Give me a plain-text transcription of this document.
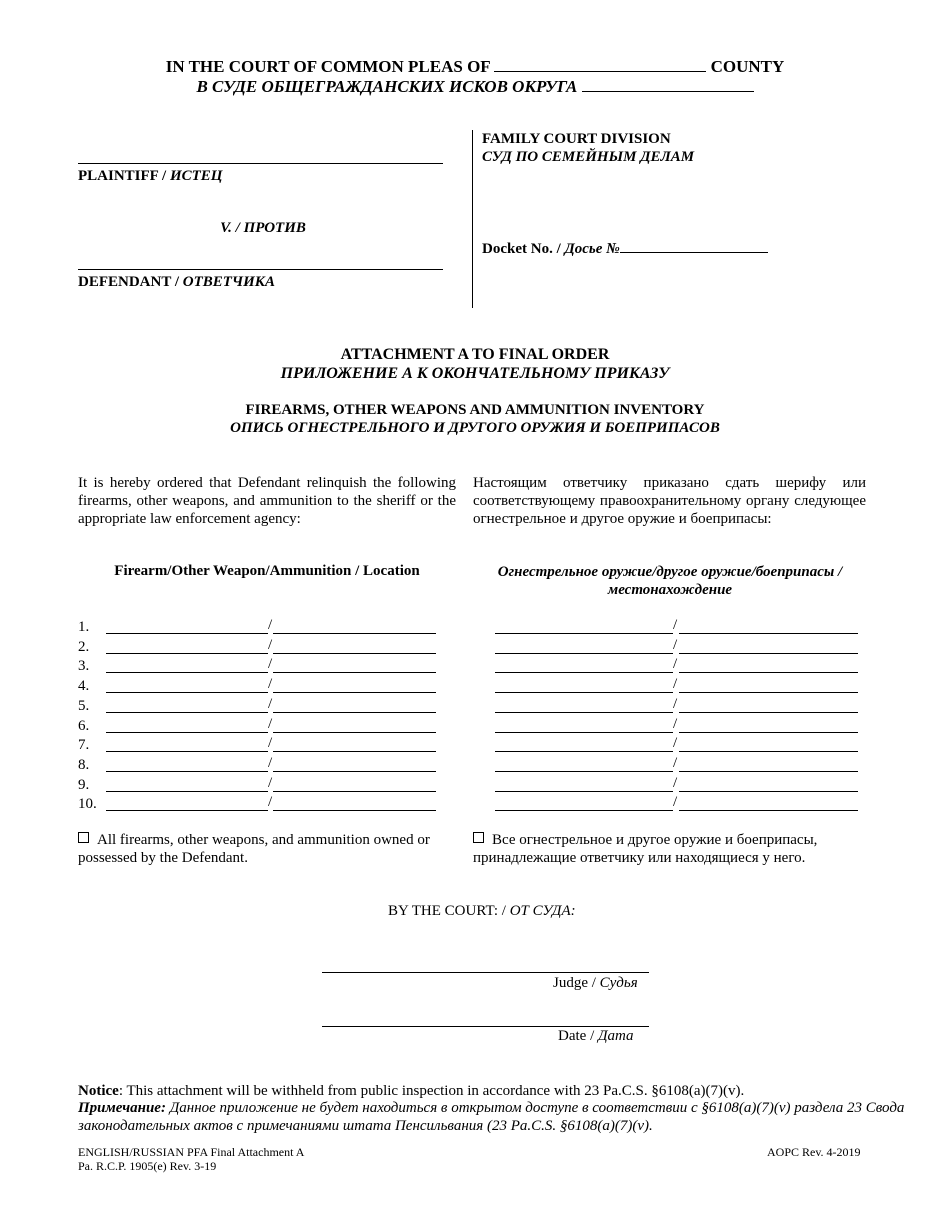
IN THE COURT OF COMMON PLEAS OF	COUNTY
В СУДЕ ОБЩЕГРАЖДАНСКИХ ИСКОВ ОКРУГА
PLAINTIFF / ИСТЕЦ
V. / ПРОТИВ
DEFENDANT / ОТВЕТЧИКА
FAMILY COURT DIVISION
СУД ПО СЕМЕЙНЫМ ДЕЛАМ
Docket No. / Досье №
ATTACHMENT A TO FINAL ORDER
ПРИЛОЖЕНИЕ А К ОКОНЧАТЕЛЬНОМУ ПРИКАЗУ
FIREARMS, OTHER WEAPONS AND AMMUNITION INVENTORY
ОПИСЬ ОГНЕСТРЕЛЬНОГО И ДРУГОГО ОРУЖИЯ И БОЕПРИПАСОВ
It is hereby ordered that Defendant relinquish the following firearms, other weapons, and ammunition to the sheriff or the appropriate law enforcement agency:
Настоящим ответчику приказано сдать шерифу или соответствующему правоохранительному органу следующее огнестрельное и другое оружие и боеприпасы:
Firearm/Other Weapon/Ammunition / Location	Огнестрельное оружие/другое оружие/боеприпасы / местонахождение
1.	/	/
2.	/	/
3.	/	/
4.	/	/
5.	/	/
6.	/	/
7.	/	/
8.	/	/
9.	/	/
10.	/	/
All firearms, other weapons, and ammunition owned or possessed by the Defendant.
Все огнестрельное и другое оружие и боеприпасы, принадлежащие ответчику или находящиеся у него.
BY THE COURT: / ОТ СУДА:
Judge / Судья
Date / Дата
Notice: This attachment will be withheld from public inspection in accordance with 23 Pa.C.S. §6108(a)(7)(v).
Примечание: Данное приложение не будет находиться в открытом доступе в соответствии с §6108(a)(7)(v) раздела 23 Свода законодательных актов с примечаниями штата Пенсильвания (23 Pa.C.S. §6108(a)(7)(v).
ENGLISH/RUSSIAN PFA Final Attachment A
Pa. R.C.P. 1905(e) Rev. 3-19
AOPC Rev. 4-2019
